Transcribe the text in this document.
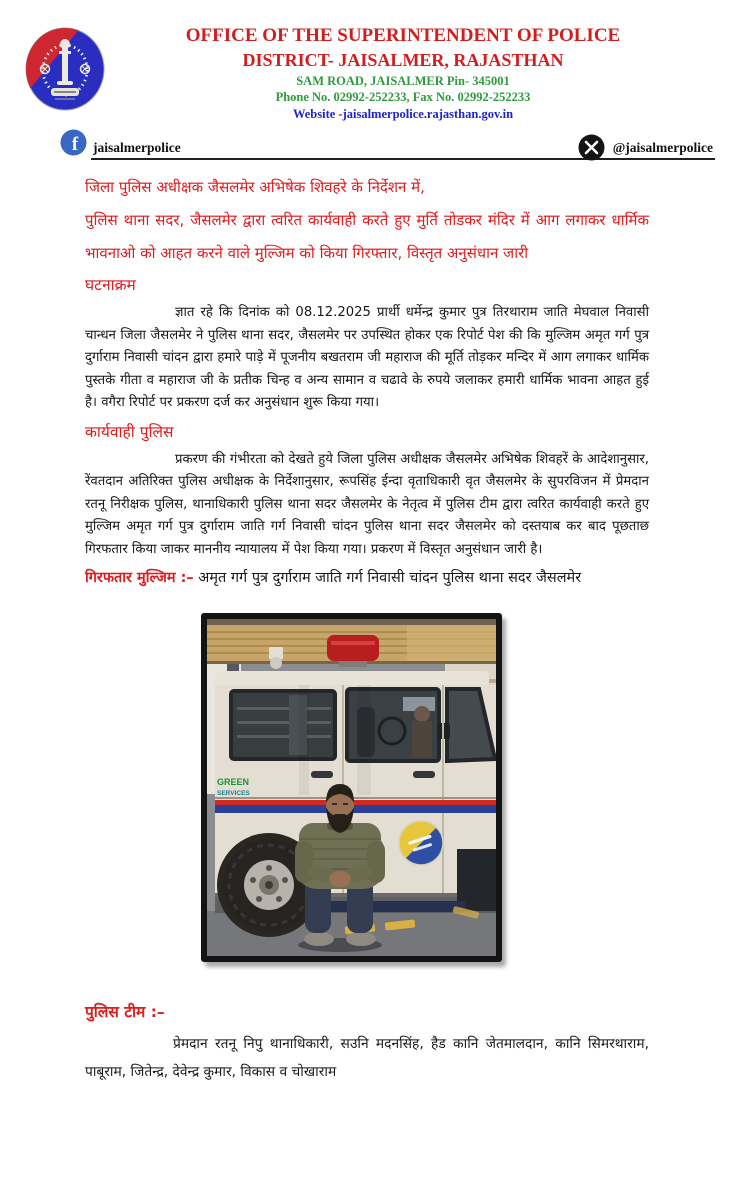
OFFICE OF THE SUPERINTENDENT OF POLICE
DISTRICT- JAISALMER, RAJASTHAN
SAM ROAD, JAISALMER Pin- 345001
Phone No. 02992-252233, Fax No. 02992-252233
Website -jaisalmerpolice.rajasthan.gov.in
f jaisalmerpolice	@jaisalmerpolice

जिला पुलिस अधीक्षक जैसलमेर अभिषेक शिवहरे के निर्देशन में,

पुलिस थाना सदर, जैसलमेर द्वारा त्वरित कार्यवाही करते हुए मुर्ति तोडकर मंदिर में आग लगाकर धार्मिक भावनाओ को आहत करने वाले मुल्जिम को किया गिरफ्तार, विस्तृत अनुसंधान जारी

घटनाक्रम

ज्ञात रहे कि दिनांक को 08.12.2025 प्रार्थी धर्मेन्द्र कुमार पुत्र तिरथाराम जाति मेघवाल निवासी चान्धन जिला जैसलमेर ने पुलिस थाना सदर, जैसलमेर पर उपस्थित होकर एक रिपोर्ट पेश की कि मुल्जिम अमृत गर्ग पुत्र दुर्गाराम निवासी चांदन द्वारा हमारे पाड़े में पूजनीय बखतराम जी महाराज की मूर्ति तोड़कर मन्दिर में आग लगाकर धार्मिक पुस्तके गीता व महाराज जी के प्रतीक चिन्ह व अन्य सामान व चढावे के रुपये जलाकर हमारी धार्मिक भावना आहत हुई है। वगैरा रिपोर्ट पर प्रकरण दर्ज कर अनुसंधान शुरू किया गया।

कार्यवाही पुलिस

प्रकरण की गंभीरता को देखते हुये जिला पुलिस अधीक्षक जैसलमेर अभिषेक शिवहरें के आदेशानुसार, रेंवतदान अतिरिक्त पुलिस अधीक्षक के निर्देशानुसार, रूपसिंह ईन्दा वृताधिकारी वृत जैसलमेर के सुपरविजन में प्रेमदान रतनू निरीक्षक पुलिस, थानाधिकारी पुलिस थाना सदर जैसलमेर के नेतृत्व में पुलिस टीम द्वारा त्वरित कार्यवाही करते हुए मुल्जिम अमृत गर्ग पुत्र दुर्गाराम जाति गर्ग निवासी चांदन पुलिस थाना सदर जैसलमेर को दस्तयाब कर बाद पूछताछ गिरफतार किया जाकर माननीय न्यायालय में पेश किया गया। प्रकरण में विस्तृत अनुसंधान जारी है।

गिरफतार मुल्जिम :– अमृत गर्ग पुत्र दुर्गाराम जाति गर्ग निवासी चांदन पुलिस थाना सदर जैसलमेर

GREEN
SERVICES

पुलिस टीम :–

प्रेमदान रतनू निपु थानाधिकारी, सउनि मदनसिंह, हैड कानि जेतमालदान, कानि सिमरथाराम, पाबूराम, जितेन्द्र, देवेन्द्र कुमार, विकास व चोखाराम
